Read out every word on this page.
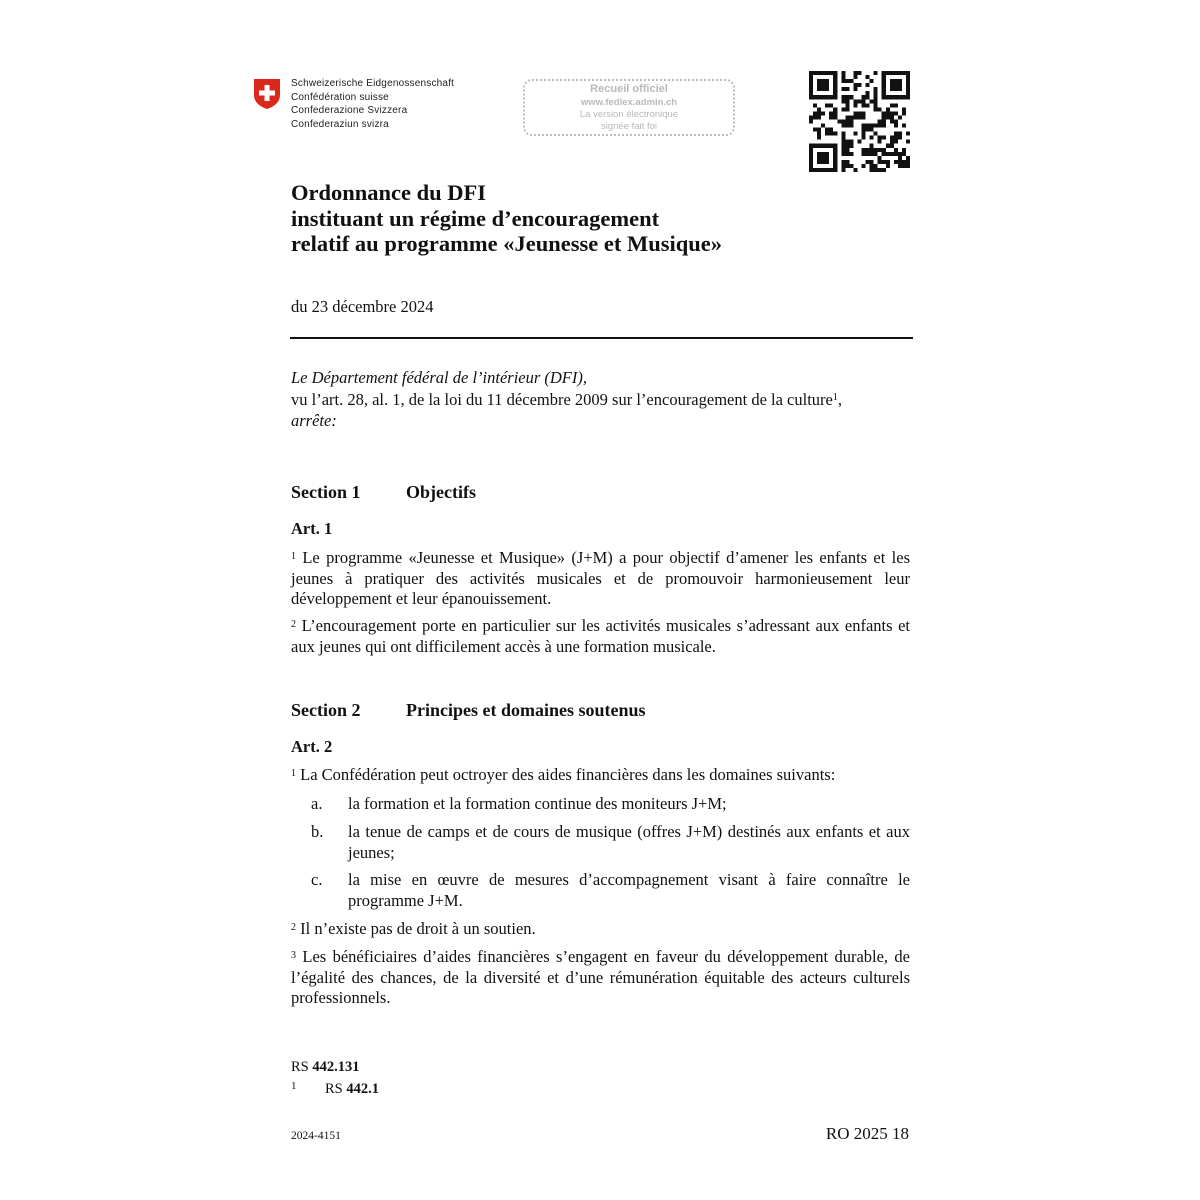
Schweizerische Eidgenossenschaft
Confédération suisse
Confederazione Svizzera
Confederaziun svizra
Recueil officiel
www.fedlex.admin.ch
La version électronique
signée fait foi
Ordonnance du DFI
instituant un régime d’encouragement
relatif au programme «Jeunesse et Musique»
du 23 décembre 2024
Le Département fédéral de l’intérieur (DFI),
vu l’art. 28, al. 1, de la loi du 11 décembre 2009 sur l’encouragement de la culture$^1$,
arrête:
Section 1	Objectifs
Art. 1
$^1$ Le programme «Jeunesse et Musique» (J+M) a pour objectif d’amener les enfants et les jeunes à pratiquer des activités musicales et de promouvoir harmonieusement leur développement et leur épanouissement.
$^2$ L’encouragement porte en particulier sur les activités musicales s’adressant aux enfants et aux jeunes qui ont difficilement accès à une formation musicale.
Section 2	Principes et domaines soutenus
Art. 2
$^1$ La Confédération peut octroyer des aides financières dans les domaines suivants:
a.	la formation et la formation continue des moniteurs J+M;
b.	la tenue de camps et de cours de musique (offres J+M) destinés aux enfants et aux jeunes;
c.	la mise en œuvre de mesures d’accompagnement visant à faire connaître le programme J+M.
$^2$ Il n’existe pas de droit à un soutien.
$^3$ Les bénéficiaires d’aides financières s’engagent en faveur du développement durable, de l’égalité des chances, de la diversité et d’une rémunération équitable des acteurs culturels professionnels.
RS 442.131
1 RS 442.1
2024-4151	RO 2025 18
